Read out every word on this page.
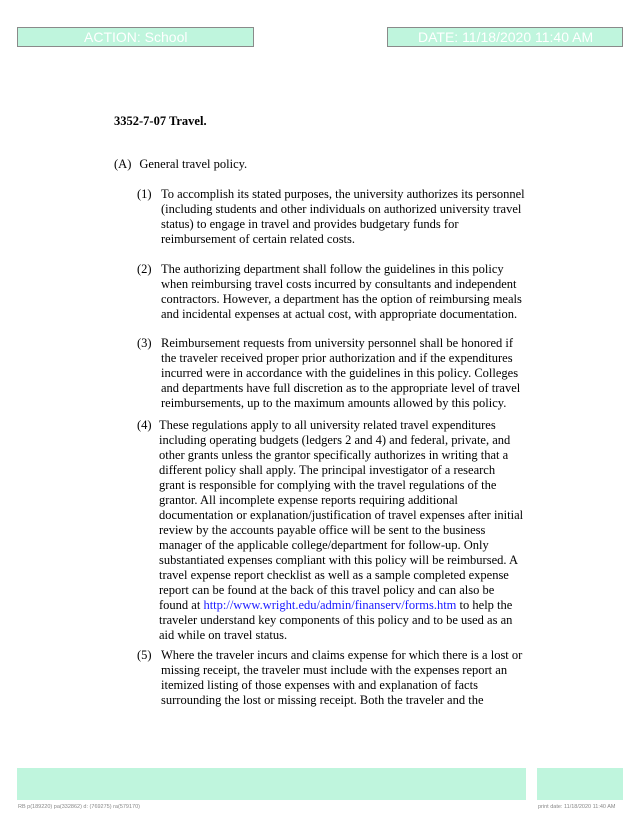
ACTION: School	DATE: 11/18/2020 11:40 AM
3352-7-07 Travel.
(A) General travel policy.
(1) To accomplish its stated purposes, the university authorizes its personnel
(including students and other individuals on authorized university travel
status) to engage in travel and provides budgetary funds for
reimbursement of certain related costs.
(2) The authorizing department shall follow the guidelines in this policy
when reimbursing travel costs incurred by consultants and independent
contractors. However, a department has the option of reimbursing meals
and incidental expenses at actual cost, with appropriate documentation.
(3) Reimbursement requests from university personnel shall be honored if
the traveler received proper prior authorization and if the expenditures
incurred were in accordance with the guidelines in this policy. Colleges
and departments have full discretion as to the appropriate level of travel
reimbursements, up to the maximum amounts allowed by this policy.
(4) These regulations apply to all university related travel expenditures
including operating budgets (ledgers 2 and 4) and federal, private, and
other grants unless the grantor specifically authorizes in writing that a
different policy shall apply. The principal investigator of a research
grant is responsible for complying with the travel regulations of the
grantor. All incomplete expense reports requiring additional
documentation or explanation/justification of travel expenses after initial
review by the accounts payable office will be sent to the business
manager of the applicable college/department for follow-up. Only
substantiated expenses compliant with this policy will be reimbursed. A
travel expense report checklist as well as a sample completed expense
report can be found at the back of this travel policy and can also be
found at http://www.wright.edu/admin/finanserv/forms.htm to help the
traveler understand key components of this policy and to be used as an
aid while on travel status.
(5) Where the traveler incurs and claims expense for which there is a lost or
missing receipt, the traveler must include with the expenses report an
itemized listing of those expenses with and explanation of facts
surrounding the lost or missing receipt. Both the traveler and the
RB p(189220) pa(332862) d: (769275) ra(579170)	print date: 11/18/2020 11:40 AM
